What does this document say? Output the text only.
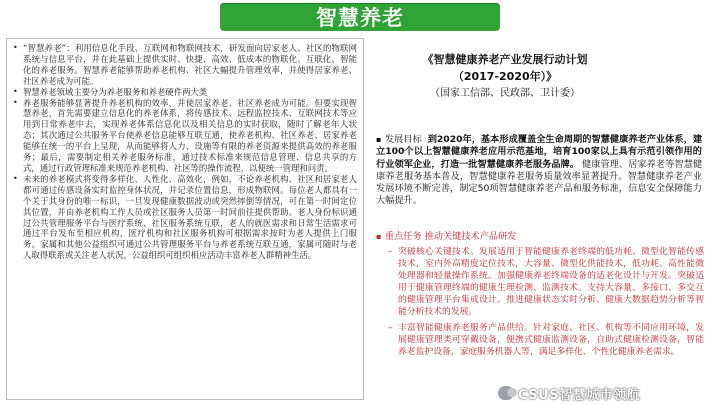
智慧养老
• “智慧养老”：利用信息化手段、互联网和物联网技术，研发面向居家老人、社区的物联网系统与信息平台，并在此基础上提供实时、快捷、高效、低成本的物联化、互联化、智能化的养老服务。智慧养老能够帮助养老机构、社区大幅提升管理效率，并使得居家养老、社区养老成为可能。
• 智慧养老领域主要分为养老服务和养老硬件两大类
• 养老服务能够显著提升养老机构的效率，并使居家养老、社区养老成为可能。但要实现智慧养老，首先需要建立信息化的养老体系，将传感技术、远程监控技术、互联网技术等应用到日常养老中去，实现养老体系信息化以及相关信息的实时获取，随时了解老年人状态；其次通过公共服务平台使养老信息能够互联互通，使养老机构、社区养老、居家养老能够在统一的平台上呈现，从而能够将人力、设施等有限的养老资源来提供高效的养老服务；最后，需要制定相关养老服务标准，通过技术标准来规范信息管理、信息共享的方式，通过行政管理标准来规范养老机构、社区等的操作流程，以便统一管理和问责。
• 未来的养老模式将变得多样化、人性化、高效化，例如，不论养老机构、社区和居家老人都可通过传感设备实时监控身体状况，并记录位置信息，形成物联网。每位老人都具有一个关于其身份的唯一标识，一旦发现健康数据波动或突然摔倒等情况，可在第一时间定位其位置，并由养老机构工作人员或社区服务人员第一时间前往提供帮助。老人身份标识通过公共管理服务平台与医疗系统、社区服务系统互联，老人的就医需求和日常生活需求可通过平台发布至相应机构，医疗机构和社区服务机构可根据需求按时为老人提供上门服务。家属和其他公益组织可通过公共管理服务平台与养老系统互联互通，家属可随时与老人取得联系或关注老人状况，公益组织可组织相应活动丰富养老人群精神生活。
《智慧健康养老产业发展行动计划
（2017-2020年）》
（国家工信部、民政部、卫计委）
▪ 发展目标 到2020年，基本形成覆盖全生命周期的智慧健康养老产业体系，建立100个以上智慧健康养老应用示范基地，培育100家以上具有示范引领作用的行业领军企业，打造一批智慧健康养老服务品牌。 健康管理、居家养老等智慧健康养老服务基本普及，智慧健康养老服务质量效率显著提升。智慧健康养老产业发展环境不断完善，制定50项智慧健康养老产品和服务标准，信息安全保障能力大幅提升。
▪ 重点任务 推动关键技术产品研发
– 突破核心关键技术。发展适用于智能健康养老终端的低功耗、微型化智能传感技术，室内外高精度定位技术，大容量、微型化供能技术，低功耗、高性能微处理器和轻量操作系统。加强健康养老终端设备的适老化设计与开发。突破适用于健康管理终端的健康生理检测、监测技术。支持大容量、多接口、多交互的健康管理平台集成设计。推进健康状态实时分析、健康大数据趋势分析等智能分析技术的发展。
– 丰富智能健康养老服务产品供给。针对家庭、社区、机构等不同应用环境，发展健康管理类可穿戴设备，便携式健康监测设备，自助式健康检测设备，智能养老监护设备，家庭服务机器人等，满足多样化、个性化健康养老需求。
CSUS智慧城市领航
